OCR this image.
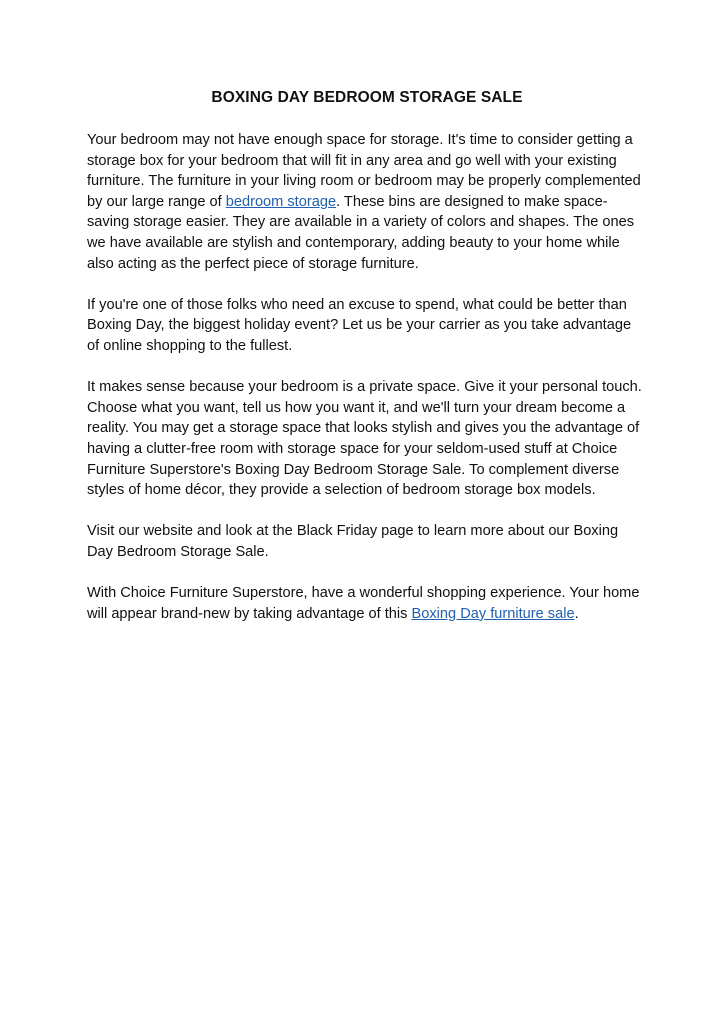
BOXING DAY BEDROOM STORAGE SALE

Your bedroom may not have enough space for storage. It's time to consider getting a storage box for your bedroom that will fit in any area and go well with your existing furniture. The furniture in your living room or bedroom may be properly complemented by our large range of bedroom storage. These bins are designed to make space-saving storage easier. They are available in a variety of colors and shapes. The ones we have available are stylish and contemporary, adding beauty to your home while also acting as the perfect piece of storage furniture.

If you're one of those folks who need an excuse to spend, what could be better than Boxing Day, the biggest holiday event? Let us be your carrier as you take advantage of online shopping to the fullest.

It makes sense because your bedroom is a private space. Give it your personal touch. Choose what you want, tell us how you want it, and we'll turn your dream become a reality. You may get a storage space that looks stylish and gives you the advantage of having a clutter-free room with storage space for your seldom-used stuff at Choice Furniture Superstore's Boxing Day Bedroom Storage Sale. To complement diverse styles of home décor, they provide a selection of bedroom storage box models.

Visit our website and look at the Black Friday page to learn more about our Boxing Day Bedroom Storage Sale.

With Choice Furniture Superstore, have a wonderful shopping experience. Your home will appear brand-new by taking advantage of this Boxing Day furniture sale.
